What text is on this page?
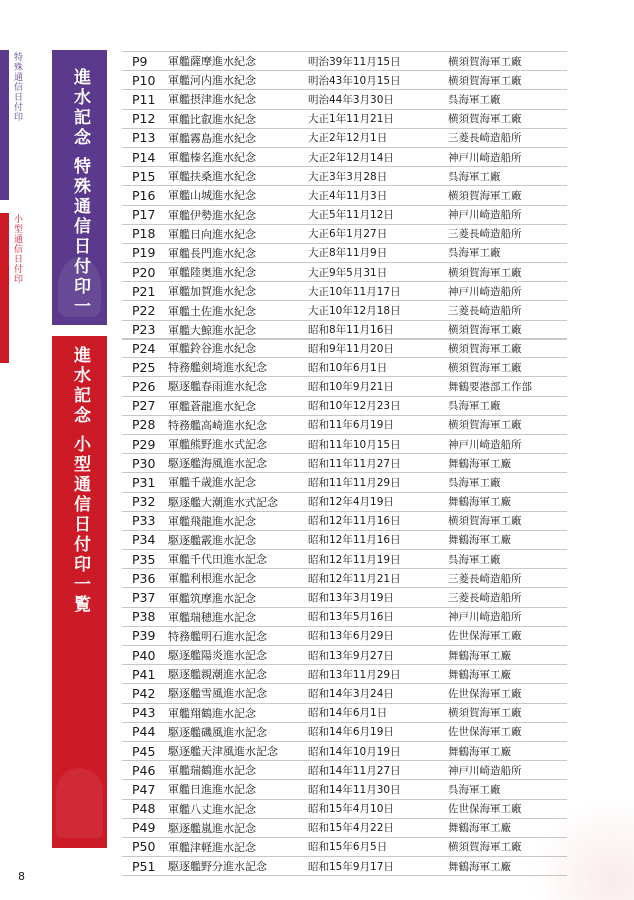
特殊通信日付印
小型通信日付印	進水記念 特殊通信日付印一覧
進水記念 小型通信日付印一覧
P9	軍艦薩摩進水紀念	明治39年11月15日	横須賀海軍工廠
P10	軍艦河内進水紀念	明治43年10月15日	横須賀海軍工廠
P11	軍艦摂津進水紀念	明治44年3月30日	呉海軍工廠
P12	軍艦比叡進水紀念	大正1年11月21日	横須賀海軍工廠
P13	軍艦霧島進水紀念	大正2年12月1日	三菱長崎造船所
P14	軍艦榛名進水紀念	大正2年12月14日	神戸川崎造船所
P15	軍艦扶桑進水紀念	大正3年3月28日	呉海軍工廠
P16	軍艦山城進水紀念	大正4年11月3日	横須賀海軍工廠
P17	軍艦伊勢進水紀念	大正5年11月12日	神戸川崎造船所
P18	軍艦日向進水紀念	大正6年1月27日	三菱長崎造船所
P19	軍艦長門進水紀念	大正8年11月9日	呉海軍工廠
P20	軍艦陸奥進水紀念	大正9年5月31日	横須賀海軍工廠
P21	軍艦加賀進水紀念	大正10年11月17日	神戸川崎造船所
P22	軍艦土佐進水紀念	大正10年12月18日	三菱長崎造船所
P23	軍艦大鯨進水記念	昭和8年11月16日	横須賀海軍工廠
P24	軍艦鈴谷進水紀念	昭和9年11月20日	横須賀海軍工廠
P25	特務艦剣埼進水紀念	昭和10年6月1日	横須賀海軍工廠
P26	駆逐艦春雨進水紀念	昭和10年9月21日	舞鶴要港部工作部
P27	軍艦蒼龍進水紀念	昭和10年12月23日	呉海軍工廠
P28	特務艦高崎進水紀念	昭和11年6月19日	横須賀海軍工廠
P29	軍艦熊野進水式記念	昭和11年10月15日	神戸川崎造船所
P30	駆逐艦海風進水記念	昭和11年11月27日	舞鶴海軍工廠
P31	軍艦千歳進水記念	昭和11年11月29日	呉海軍工廠
P32	駆逐艦大潮進水式記念	昭和12年4月19日	舞鶴海軍工廠
P33	軍艦飛龍進水記念	昭和12年11月16日	横須賀海軍工廠
P34	駆逐艦霰進水記念	昭和12年11月16日	舞鶴海軍工廠
P35	軍艦千代田進水記念	昭和12年11月19日	呉海軍工廠
P36	軍艦利根進水記念	昭和12年11月21日	三菱長崎造船所
P37	軍艦筑摩進水記念	昭和13年3月19日	三菱長崎造船所
P38	軍艦瑞穂進水記念	昭和13年5月16日	神戸川崎造船所
P39	特務艦明石進水記念	昭和13年6月29日	佐世保海軍工廠
P40	駆逐艦陽炎進水記念	昭和13年9月27日	舞鶴海軍工廠
P41	駆逐艦親潮進水記念	昭和13年11月29日	舞鶴海軍工廠
P42	駆逐艦雪風進水記念	昭和14年3月24日	佐世保海軍工廠
P43	軍艦翔鶴進水記念	昭和14年6月1日	横須賀海軍工廠
P44	駆逐艦磯風進水記念	昭和14年6月19日	佐世保海軍工廠
P45	駆逐艦天津風進水記念	昭和14年10月19日	舞鶴海軍工廠
P46	軍艦瑞鶴進水記念	昭和14年11月27日	神戸川崎造船所
P47	軍艦日進進水記念	昭和14年11月30日	呉海軍工廠
P48	軍艦八丈進水記念	昭和15年4月10日	佐世保海軍工廠
P49	駆逐艦嵐進水記念	昭和15年4月22日	舞鶴海軍工廠
P50	軍艦津軽進水記念	昭和15年6月5日	横須賀海軍工廠
P51	駆逐艦野分進水記念	昭和15年9月17日	舞鶴海軍工廠
8
